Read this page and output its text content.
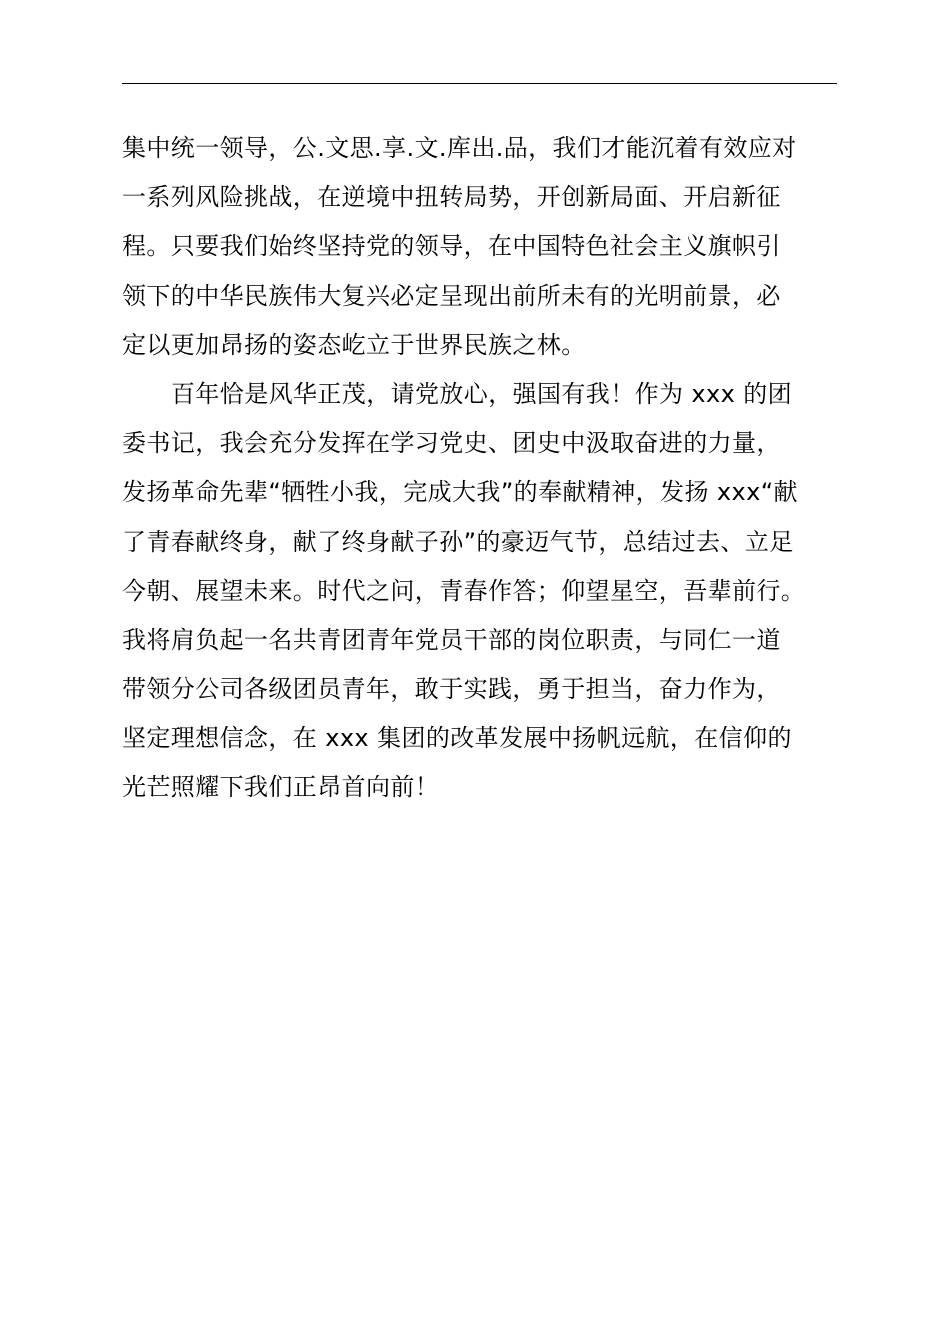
集中统一领导，公.文思.享.文.库出.品，我们才能沉着有效应对
一系列风险挑战，在逆境中扭转局势，开创新局面、开启新征
程。只要我们始终坚持党的领导，在中国特色社会主义旗帜引
领下的中华民族伟大复兴必定呈现出前所未有的光明前景，必
定以更加昂扬的姿态屹立于世界民族之林。
百年恰是风华正茂，请党放心，强国有我！作为 xxx 的团
委书记，我会充分发挥在学习党史、团史中汲取奋进的力量，
发扬革命先辈“牺牲小我，完成大我”的奉献精神，发扬 xxx“献
了青春献终身，献了终身献子孙”的豪迈气节，总结过去、立足
今朝、展望未来。时代之问，青春作答；仰望星空，吾辈前行。
我将肩负起一名共青团青年党员干部的岗位职责，与同仁一道
带领分公司各级团员青年，敢于实践，勇于担当，奋力作为，
坚定理想信念，在 xxx 集团的改革发展中扬帆远航，在信仰的
光芒照耀下我们正昂首向前！
